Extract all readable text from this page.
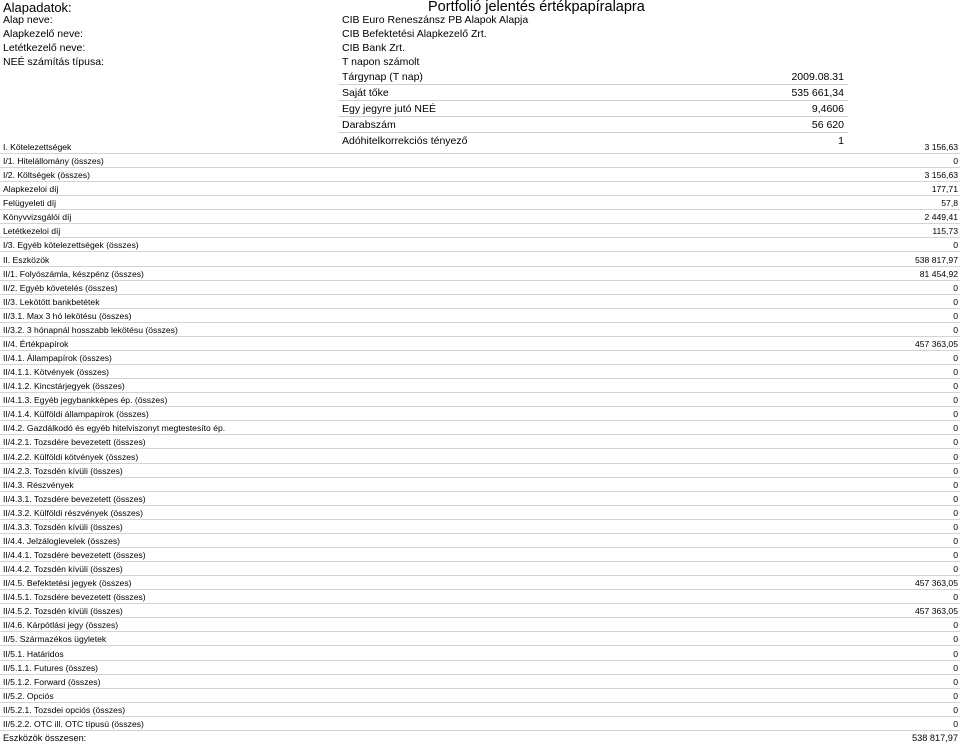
Alapadatok:	Portfolió jelentés értékpapíralapra
Alap neve:	CIB Euro Reneszánsz PB Alapok Alapja
Alapkezelő neve:	CIB Befektetési Alapkezelő Zrt.
Letétkezelő neve:	CIB Bank Zrt.
NEÉ számítás típusa:	T napon számolt
Tárgynap (T nap)	2009.08.31
Saját tőke	535 661,34
Egy jegyre jutó NEÉ	9,4606
Darabszám	56 620
Adóhitelkorrekciós tényező	1
I. Kötelezettségek	3 156,63
I/1. Hitelállomány (összes)	0
I/2. Költségek (összes)	3 156,63
Alapkezeloi díj	177,71
Felügyeleti díj	57,8
Könyvvizsgálói díj	2 449,41
Letétkezeloi díj	115,73
I/3. Egyéb kötelezettségek (összes)	0
II. Eszközök	538 817,97
II/1. Folyószámla, készpénz (összes)	81 454,92
II/2. Egyéb követelés (összes)	0
II/3. Lekötött bankbetétek	0
II/3.1. Max 3 hó lekötésu (összes)	0
II/3.2. 3 hónapnál hosszabb lekötésu (összes)	0
II/4. Értékpapírok	457 363,05
II/4.1. Állampapírok (összes)	0
II/4.1.1. Kötvények (összes)	0
II/4.1.2. Kincstárjegyek (összes)	0
II/4.1.3. Egyéb jegybankképes ép. (összes)	0
II/4.1.4. Külföldi állampapírok (összes)	0
II/4.2. Gazdálkodó és egyéb hitelviszonyt megtestesíto ép.	0
II/4.2.1. Tozsdére bevezetett (összes)	0
II/4.2.2. Külföldi kötvények (összes)	0
II/4.2.3. Tozsdén kívüli (összes)	0
II/4.3. Részvények	0
II/4.3.1. Tozsdére bevezetett (összes)	0
II/4.3.2. Külföldi részvények (összes)	0
II/4.3.3. Tozsdén kívüli (összes)	0
II/4.4. Jelzáloglevelek (összes)	0
II/4.4.1. Tozsdére bevezetett (összes)	0
II/4.4.2. Tozsdén kívüli (összes)	0
II/4.5. Befektetési jegyek (összes)	457 363,05
II/4.5.1. Tozsdére bevezetett (összes)	0
II/4.5.2. Tozsdén kívüli (összes)	457 363,05
II/4.6. Kárpótlási jegy (összes)	0
II/5. Származékos ügyletek	0
II/5.1. Határidos	0
II/5.1.1. Futures (összes)	0
II/5.1.2. Forward (összes)	0
II/5.2. Opciós	0
II/5.2.1. Tozsdei opciós (összes)	0
II/5.2.2. OTC ill. OTC típusú (összes)	0
Eszközök összesen:	538 817,97
